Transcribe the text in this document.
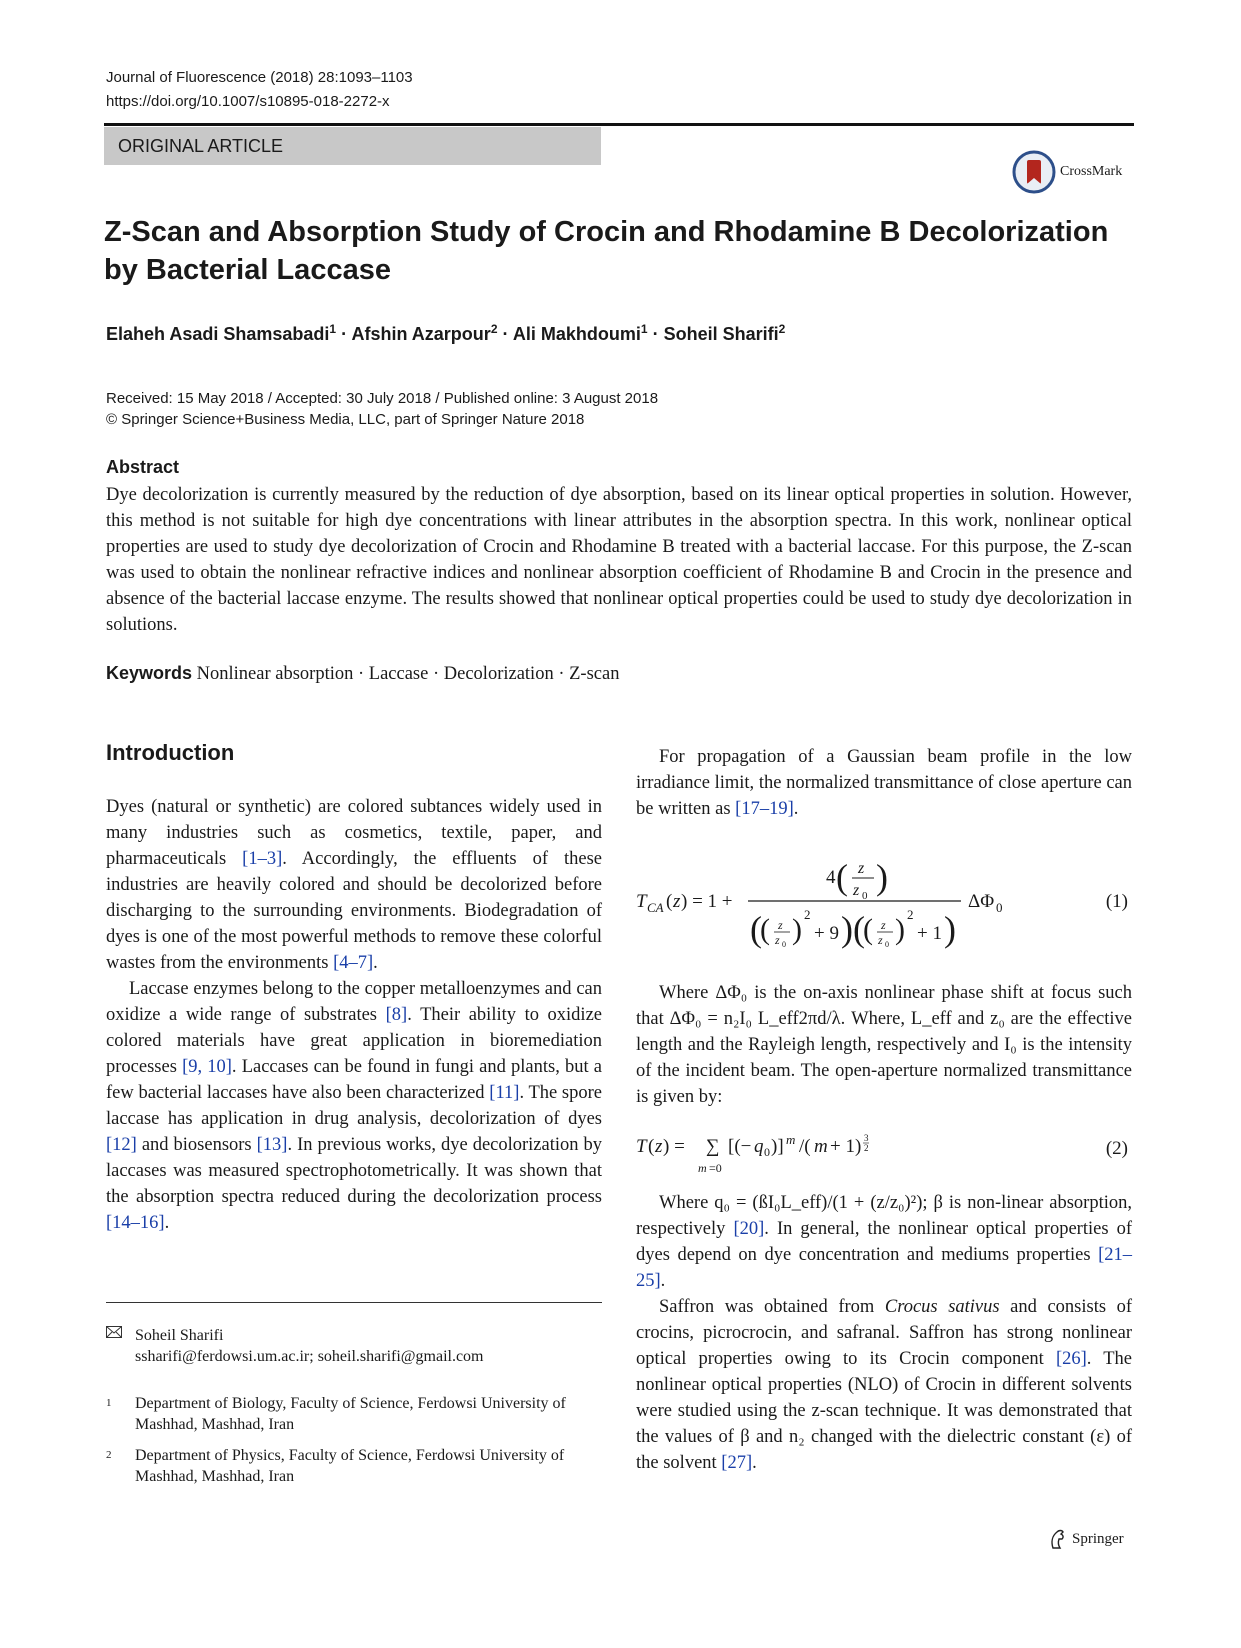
Journal of Fluorescence (2018) 28:1093–1103
https://doi.org/10.1007/s10895-018-2272-x
ORIGINAL ARTICLE
CrossMark
Z-Scan and Absorption Study of Crocin and Rhodamine B Decolorization by Bacterial Laccase
Elaheh Asadi Shamsabadi$^1$ · Afshin Azarpour$^2$ · Ali Makhdoumi$^1$ · Soheil Sharifi$^2$
Received: 15 May 2018 / Accepted: 30 July 2018 / Published online: 3 August 2018
© Springer Science+Business Media, LLC, part of Springer Nature 2018
Abstract
Dye decolorization is currently measured by the reduction of dye absorption, based on its linear optical properties in solution. However, this method is not suitable for high dye concentrations with linear attributes in the absorption spectra. In this work, nonlinear optical properties are used to study dye decolorization of Crocin and Rhodamine B treated with a bacterial laccase. For this purpose, the Z-scan was used to obtain the nonlinear refractive indices and nonlinear absorption coefficient of Rhodamine B and Crocin in the presence and absence of the bacterial laccase enzyme. The results showed that nonlinear optical properties could be used to study dye decolorization in solutions.
Keywords Nonlinear absorption · Laccase · Decolorization · Z-scan
Introduction

Dyes (natural or synthetic) are colored subtances widely used in many industries such as cosmetics, textile, paper, and pharmaceuticals [1–3]. Accordingly, the effluents of these industries are heavily colored and should be decolorized before discharging to the surrounding environments. Biodegradation of dyes is one of the most powerful methods to remove these colorful wastes from the environments [4–7].

Laccase enzymes belong to the copper metalloenzymes and can oxidize a wide range of substrates [8]. Their ability to oxidize colored materials have great application in bioremediation processes [9, 10]. Laccases can be found in fungi and plants, but a few bacterial laccases have also been characterized [11]. The spore laccase has application in drug analysis, decolorization of dyes [12] and biosensors [13]. In previous works, dye decolorization by laccases was measured spectrophotometrically. It was shown that the absorption spectra reduced during the decolorization process [14–16].

Soheil Sharifi
ssharifi@ferdowsi.um.ac.ir; soheil.sharifi@gmail.com
1 Department of Biology, Faculty of Science, Ferdowsi University of Mashhad, Mashhad, Iran
2 Department of Physics, Faculty of Science, Ferdowsi University of Mashhad, Mashhad, Iran

For propagation of a Gaussian beam profile in the low irradiance limit, the normalized transmittance of close aperture can be written as [17–19].

T CA ( z ) = 1 +
4 ( z
z 0 )
(
( z
z 0 ) 2
+ 9 ) (
( z
z 0 ) 2
+ 1 )
ΔΦ 0	(1)

Where ΔΦ₀ is the on-axis nonlinear phase shift at focus such that ΔΦ₀ = n₂I₀ L_eff2πd/λ. Where, L_eff and z₀ are the effective length and the Rayleigh length, respectively and I₀ is the intensity of the incident beam. The open-aperture normalized transmittance is given by:

T ( z ) = ∑
m =0
[(− q 0 )] m /( m + 1) 3
2	(2)

Where q₀ = (ßI₀L_eff)/(1 + (z/z₀)²); β is non-linear absorption, respectively [20]. In general, the nonlinear optical properties of dyes depend on dye concentration and mediums properties [21–25].

Saffron was obtained from Crocus sativus and consists of crocins, picrocrocin, and safranal. Saffron has strong nonlinear optical properties owing to its Crocin component [26]. The nonlinear optical properties (NLO) of Crocin in different solvents were studied using the z-scan technique. It was demonstrated that the values of β and n₂ changed with the dielectric constant (ε) of the solvent [27].

Springer
